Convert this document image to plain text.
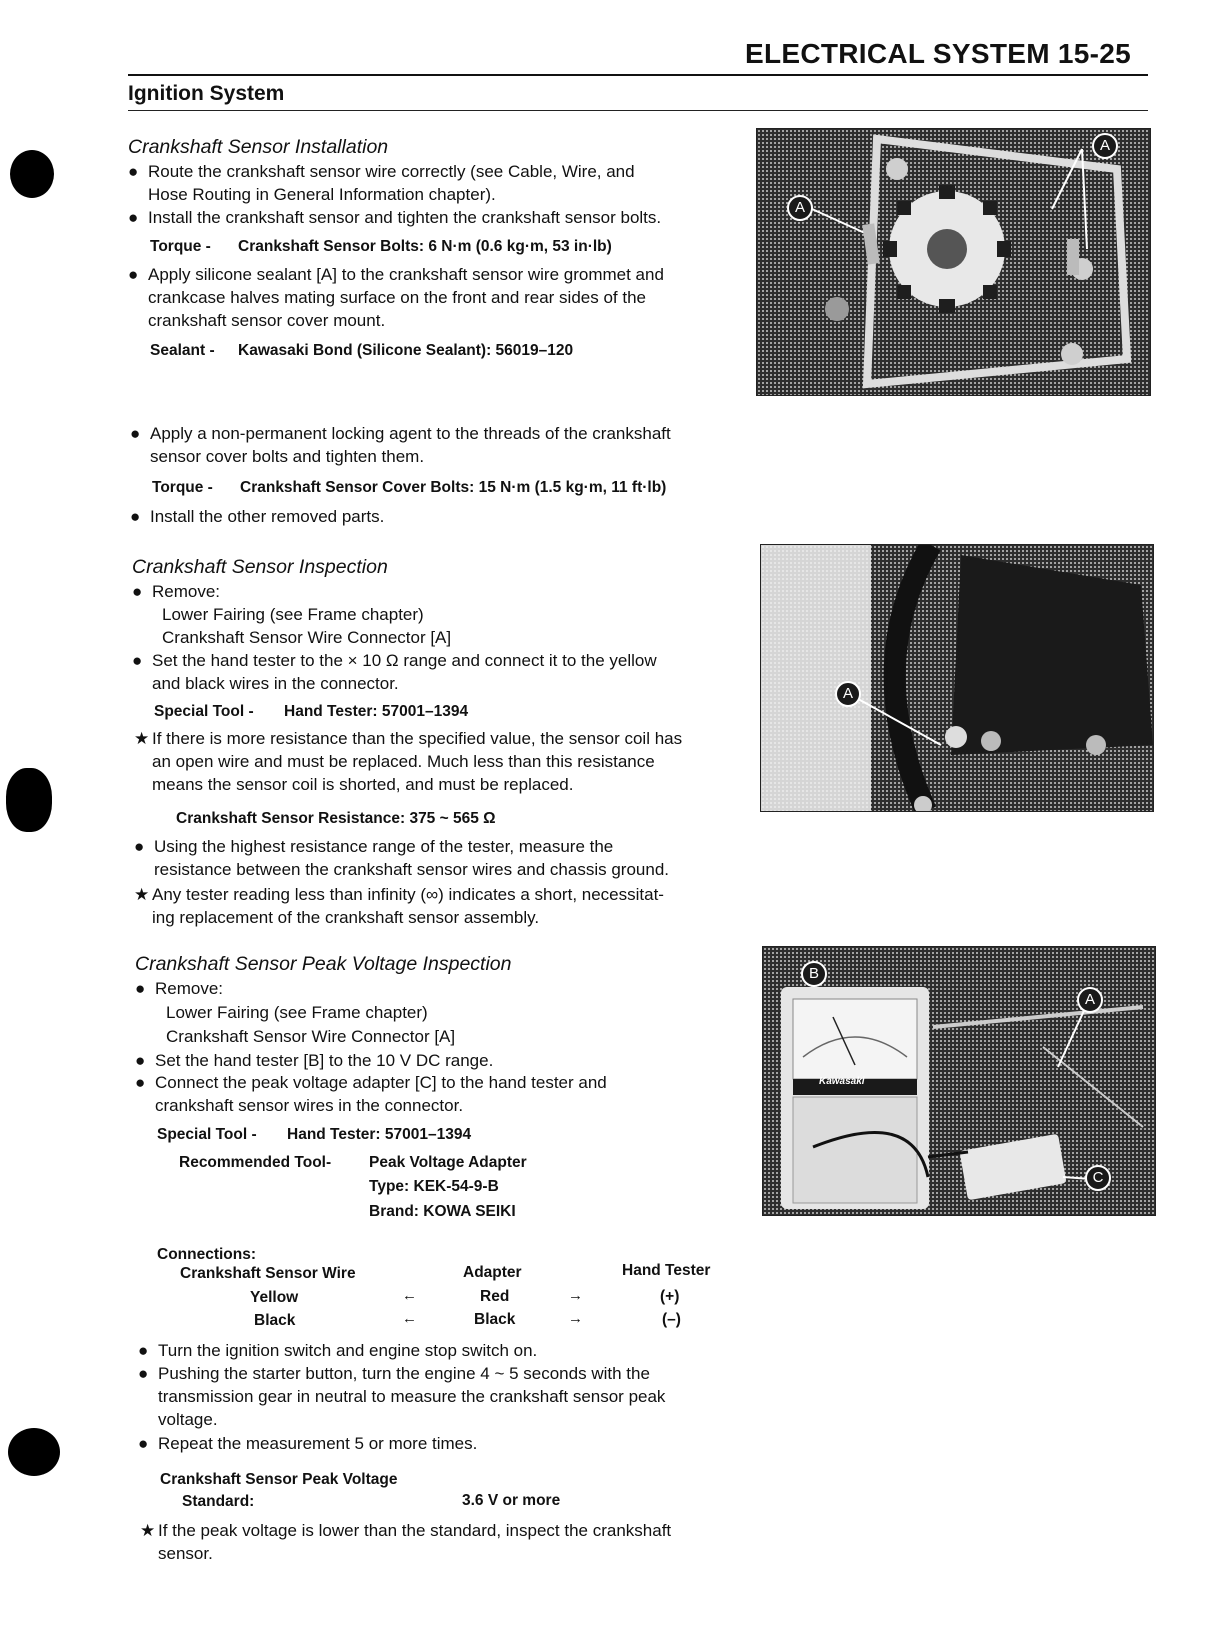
ELECTRICAL SYSTEM 15-25
Ignition System
Crankshaft Sensor Installation
● Route the crankshaft sensor wire correctly (see Cable, Wire, and
Hose Routing in General Information chapter).
● Install the crankshaft sensor and tighten the crankshaft sensor bolts.
Torque - Crankshaft Sensor Bolts: 6 N·m (0.6 kg·m, 53 in·lb)
● Apply silicone sealant [A] to the crankshaft sensor wire grommet and
crankcase halves mating surface on the front and rear sides of the
crankshaft sensor cover mount.
Sealant - Kawasaki Bond (Silicone Sealant): 56019–120
● Apply a non-permanent locking agent to the threads of the crankshaft
sensor cover bolts and tighten them.
Torque - Crankshaft Sensor Cover Bolts: 15 N·m (1.5 kg·m, 11 ft·lb)
● Install the other removed parts.
A
A
Crankshaft Sensor Inspection
● Remove:
Lower Fairing (see Frame chapter)
Crankshaft Sensor Wire Connector [A]
● Set the hand tester to the × 10 Ω range and connect it to the yellow
and black wires in the connector.
Special Tool - Hand Tester: 57001–1394
★ If there is more resistance than the specified value, the sensor coil has
an open wire and must be replaced. Much less than this resistance
means the sensor coil is shorted, and must be replaced.
Crankshaft Sensor Resistance: 375 ~ 565 Ω
● Using the highest resistance range of the tester, measure the
resistance between the crankshaft sensor wires and chassis ground.
★ Any tester reading less than infinity (∞) indicates a short, necessitat-
ing replacement of the crankshaft sensor assembly.
A
Crankshaft Sensor Peak Voltage Inspection
● Remove:
Lower Fairing (see Frame chapter)
Crankshaft Sensor Wire Connector [A]
● Set the hand tester [B] to the 10 V DC range.
● Connect the peak voltage adapter [C] to the hand tester and
crankshaft sensor wires in the connector.
Special Tool - Hand Tester: 57001–1394
Recommended Tool- Peak Voltage Adapter
Type: KEK-54-9-B
Brand: KOWA SEIKI
Connections:
Crankshaft Sensor Wire	Adapter	Hand Tester
Yellow	←	Red	→	(+)
Black	←	Black	→	(–)
● Turn the ignition switch and engine stop switch on.
● Pushing the starter button, turn the engine 4 ~ 5 seconds with the
transmission gear in neutral to measure the crankshaft sensor peak
voltage.
● Repeat the measurement 5 or more times.
Crankshaft Sensor Peak Voltage
Standard:	3.6 V or more
★ If the peak voltage is lower than the standard, inspect the crankshaft
sensor.
B
A
C
Kawasaki
